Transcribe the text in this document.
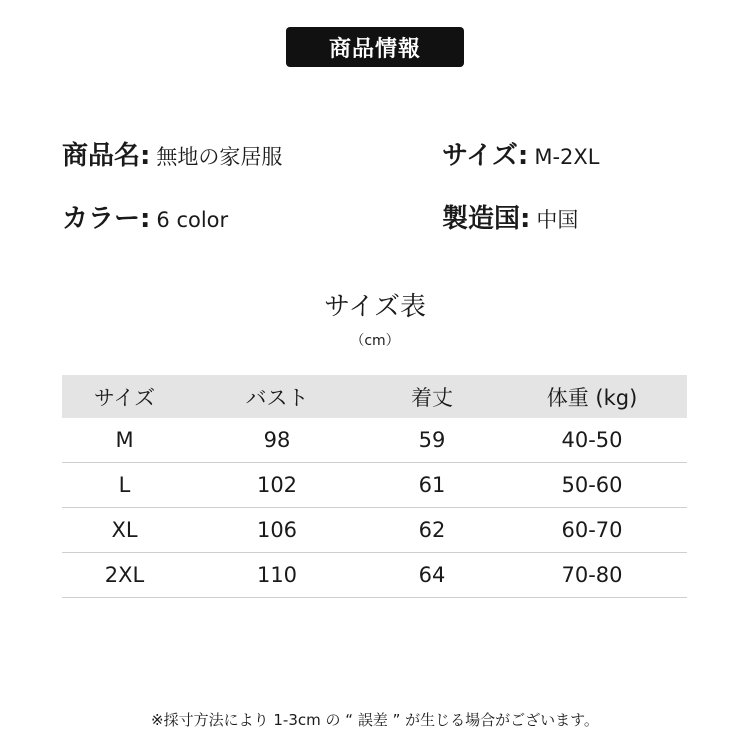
商品情報
商品名: 無地の家居服	サイズ: M-2XL
カラー: 6 color	製造国: 中国
サイズ表
（cm）
サイズ	バスト	着丈	体重 (kg)
M	98	59	40-50
L	102	61	50-60
XL	106	62	60-70
2XL	110	64	70-80
※採寸方法により 1-3cm の “ 誤差 ” が生じる場合がございます。
